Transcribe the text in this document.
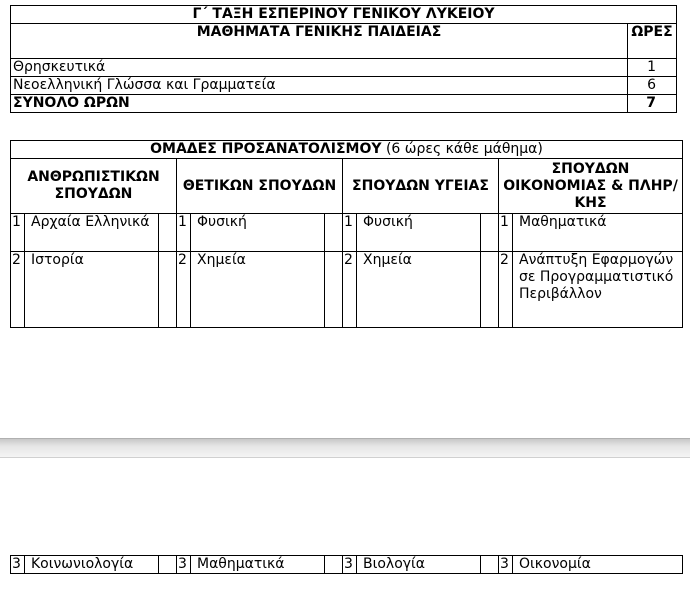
Γ΄ ΤΑΞΗ ΕΣΠΕΡΙΝΟΥ ΓΕΝΙΚΟΥ ΛΥΚΕΙΟΥ	
ΜΑΘΗΜΑΤΑ ΓΕΝΙΚΗΣ ΠΑΙΔΕΙΑΣ	ΩΡΕΣ
Θρησκευτικά	1
Νεοελληνική Γλώσσα και Γραμματεία	6
ΣΥΝΟΛΟ ΩΡΩΝ	7
ΟΜΑΔΕΣ ΠΡΟΣΑΝΑΤΟΛΙΣΜΟΥ (6 ώρες κάθε μάθημα)										
ΑΝΘΡΩΠΙΣΤΙΚΩΝ ΣΠΟΥΔΩΝ			ΘΕΤΙΚΩΝ ΣΠΟΥΔΩΝ			ΣΠΟΥΔΩΝ ΥΓΕΙΑΣ			ΣΠΟΥΔΩΝ ΟΙΚΟΝΟΜΙΑΣ & ΠΛΗΡ/ΚΗΣ	
1	Αρχαία Ελληνικά		1	Φυσική		1	Φυσική		1	Μαθηματικά
2	Ιστορία		2	Χημεία		2	Χημεία		2	Ανάπτυξη Εφαρμογών σε Προγραμματιστικό Περιβάλλον
3	Κοινωνιολογία		3	Μαθηματικά		3	Βιολογία		3	Οικονομία
